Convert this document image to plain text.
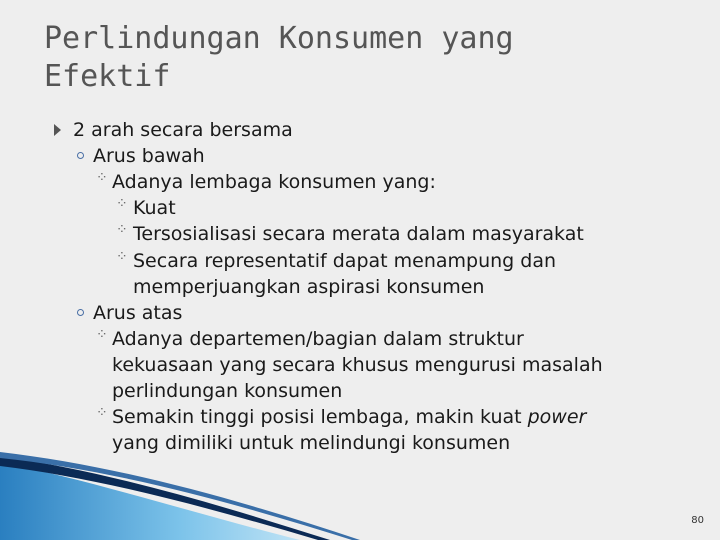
Perlindungan Konsumen yang
Efektif
2 arah secara bersama
Arus bawah
⁘ Adanya lembaga konsumen yang:
⁘ Kuat
⁘ Tersosialisasi secara merata dalam masyarakat
⁘ Secara representatif dapat menampung dan
memperjuangkan aspirasi konsumen
Arus atas
⁘ Adanya departemen/bagian dalam struktur
kekuasaan yang secara khusus mengurusi masalah
perlindungan konsumen
⁘ Semakin tinggi posisi lembaga, makin kuat power
yang dimiliki untuk melindungi konsumen
80
